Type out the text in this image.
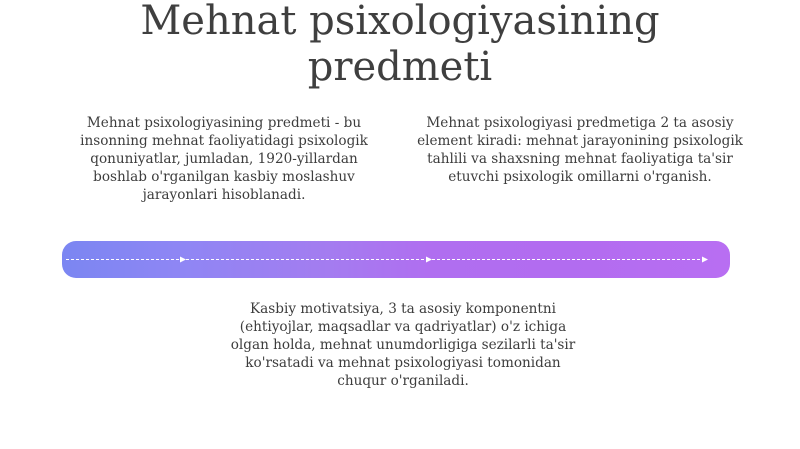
Mehnat psixologiyasining predmeti

Mehnat psixologiyasining predmeti - bu insonning mehnat faoliyatidagi psixologik qonuniyatlar, jumladan, 1920-yillardan boshlab o'rganilgan kasbiy moslashuv jarayonlari hisoblanadi.

Mehnat psixologiyasi predmetiga 2 ta asosiy element kiradi: mehnat jarayonining psixologik tahlili va shaxsning mehnat faoliyatiga ta'sir etuvchi psixologik omillarni o'rganish.

Kasbiy motivatsiya, 3 ta asosiy komponentni (ehtiyojlar, maqsadlar va qadriyatlar) o'z ichiga olgan holda, mehnat unumdorligiga sezilarli ta'sir ko'rsatadi va mehnat psixologiyasi tomonidan chuqur o'rganiladi.
